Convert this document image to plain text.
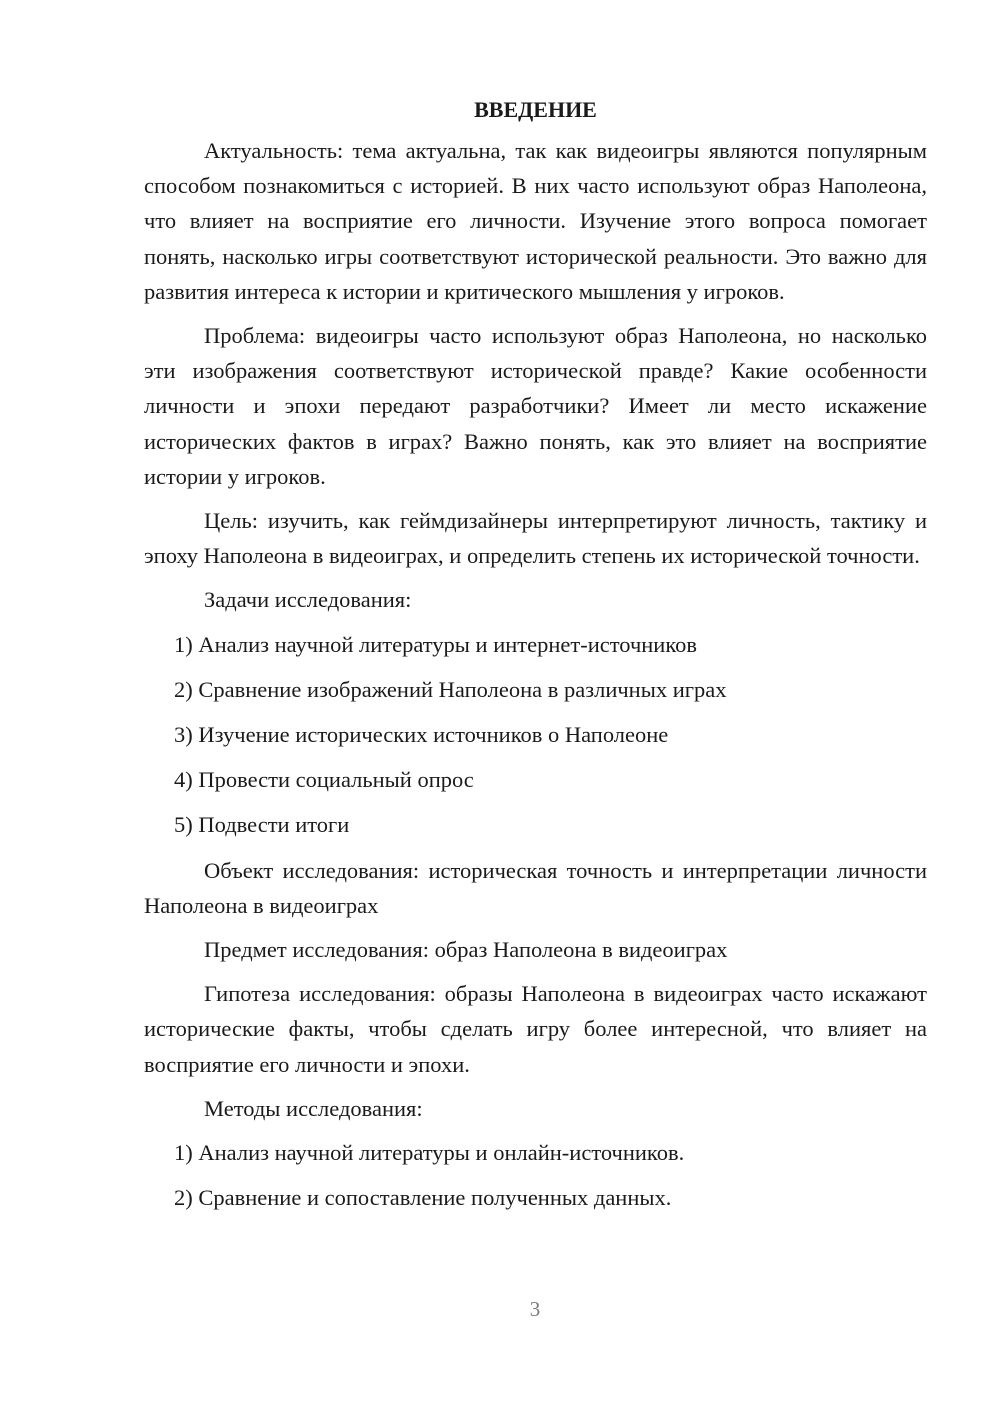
ВВЕДЕНИЕ

Актуальность: тема актуальна, так как видеоигры являются популярным способом познакомиться с историей. В них часто используют образ Наполеона, что влияет на восприятие его личности. Изучение этого вопроса помогает понять, насколько игры соответствуют исторической реальности. Это важно для развития интереса к истории и критического мышления у игроков.

Проблема: видеоигры часто используют образ Наполеона, но насколько эти изображения соответствуют исторической правде? Какие особенности личности и эпохи передают разработчики? Имеет ли место искажение исторических фактов в играх? Важно понять, как это влияет на восприятие истории у игроков.

Цель: изучить, как геймдизайнеры интерпретируют личность, тактику и эпоху Наполеона в видеоиграх, и определить степень их исторической точности.

Задачи исследования:

1) Анализ научной литературы и интернет-источников

2) Сравнение изображений Наполеона в различных играх

3) Изучение исторических источников о Наполеоне

4) Провести социальный опрос

5) Подвести итоги

Объект исследования: историческая точность и интерпретации личности Наполеона в видеоиграх

Предмет исследования: образ Наполеона в видеоиграх

Гипотеза исследования: образы Наполеона в видеоиграх часто искажают исторические факты, чтобы сделать игру более интересной, что влияет на восприятие его личности и эпохи.

Методы исследования:

1) Анализ научной литературы и онлайн-источников.

2) Сравнение и сопоставление полученных данных.

3
